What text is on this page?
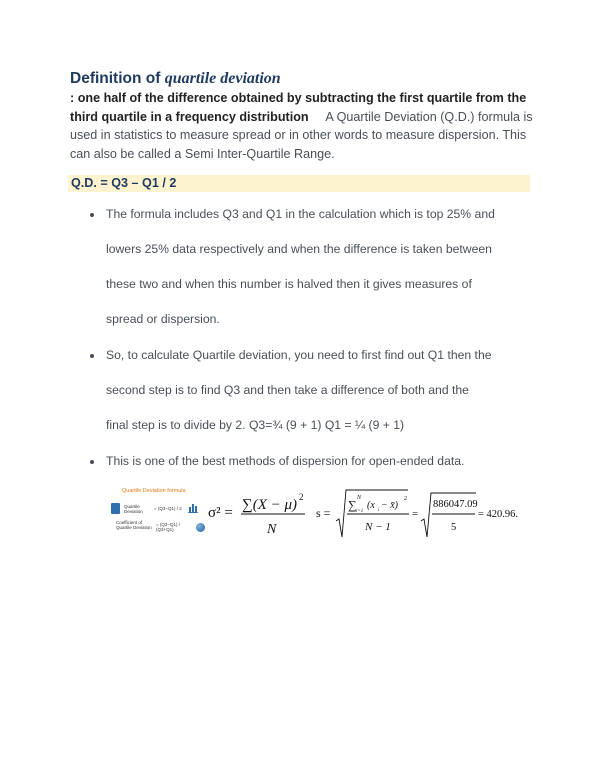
Definition of quartile deviation
: one half of the difference obtained by subtracting the first quartile from the third quartile in a frequency distribution A Quartile Deviation (Q.D.) formula is used in statistics to measure spread or in other words to measure dispersion. This can also be called a Semi Inter-Quartile Range.
Q.D. = Q3 – Q1 / 2
The formula includes Q3 and Q1 in the calculation which is top 25% and
lowers 25% data respectively and when the difference is taken between
these two and when this number is halved then it gives measures of
spread or dispersion.
So, to calculate Quartile deviation, you need to first find out Q1 then the
second step is to find Q3 and then take a difference of both and the
final step is to divide by 2. Q3=¾ (9 + 1) Q1 = ¼ (9 + 1)
This is one of the best methods of dispersion for open-ended data.
Quartile Deviation formula
Quartile Deviation
= (Q3−Q1) / 2
Coefficient of Quartile Deviation
= (Q3−Q1) / (Q3+Q1)
σ² = ∑(X − μ) 2
N
s =
∑ N
i=1
(x i − x̄)
2
N − 1
=
886047.09
5
= 420.96.
